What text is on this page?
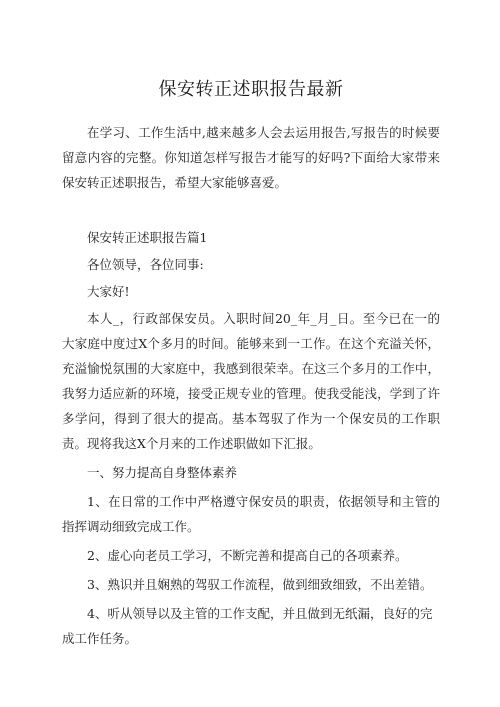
保安转正述职报告最新

在学习、工作生活中,越来越多人会去运用报告,写报告的时候要留意内容的完整。你知道怎样写报告才能写的好吗?下面给大家带来保安转正述职报告，希望大家能够喜爱。

保安转正述职报告篇1

各位领导，各位同事:

大家好!

本人_，行政部保安员。入职时间20_年_月_日。至今已在一的大家庭中度过X个多月的时间。能够来到一工作。在这个充溢关怀，充溢愉悦氛围的大家庭中，我感到很荣幸。在这三个多月的工作中，我努力适应新的环境，接受正规专业的管理。使我受能浅，学到了许多学问，得到了很大的提高。基本驾驭了作为一个保安员的工作职责。现将我这X个月来的工作述职做如下汇报。

一、努力提高自身整体素养

1、在日常的工作中严格遵守保安员的职责，依据领导和主管的指挥调动细致完成工作。

2、虚心向老员工学习，不断完善和提高自己的各项素养。

3、熟识并且娴熟的驾驭工作流程，做到细致细致，不出差错。

4、听从领导以及主管的工作支配，并且做到无纸漏，良好的完

成工作任务。
